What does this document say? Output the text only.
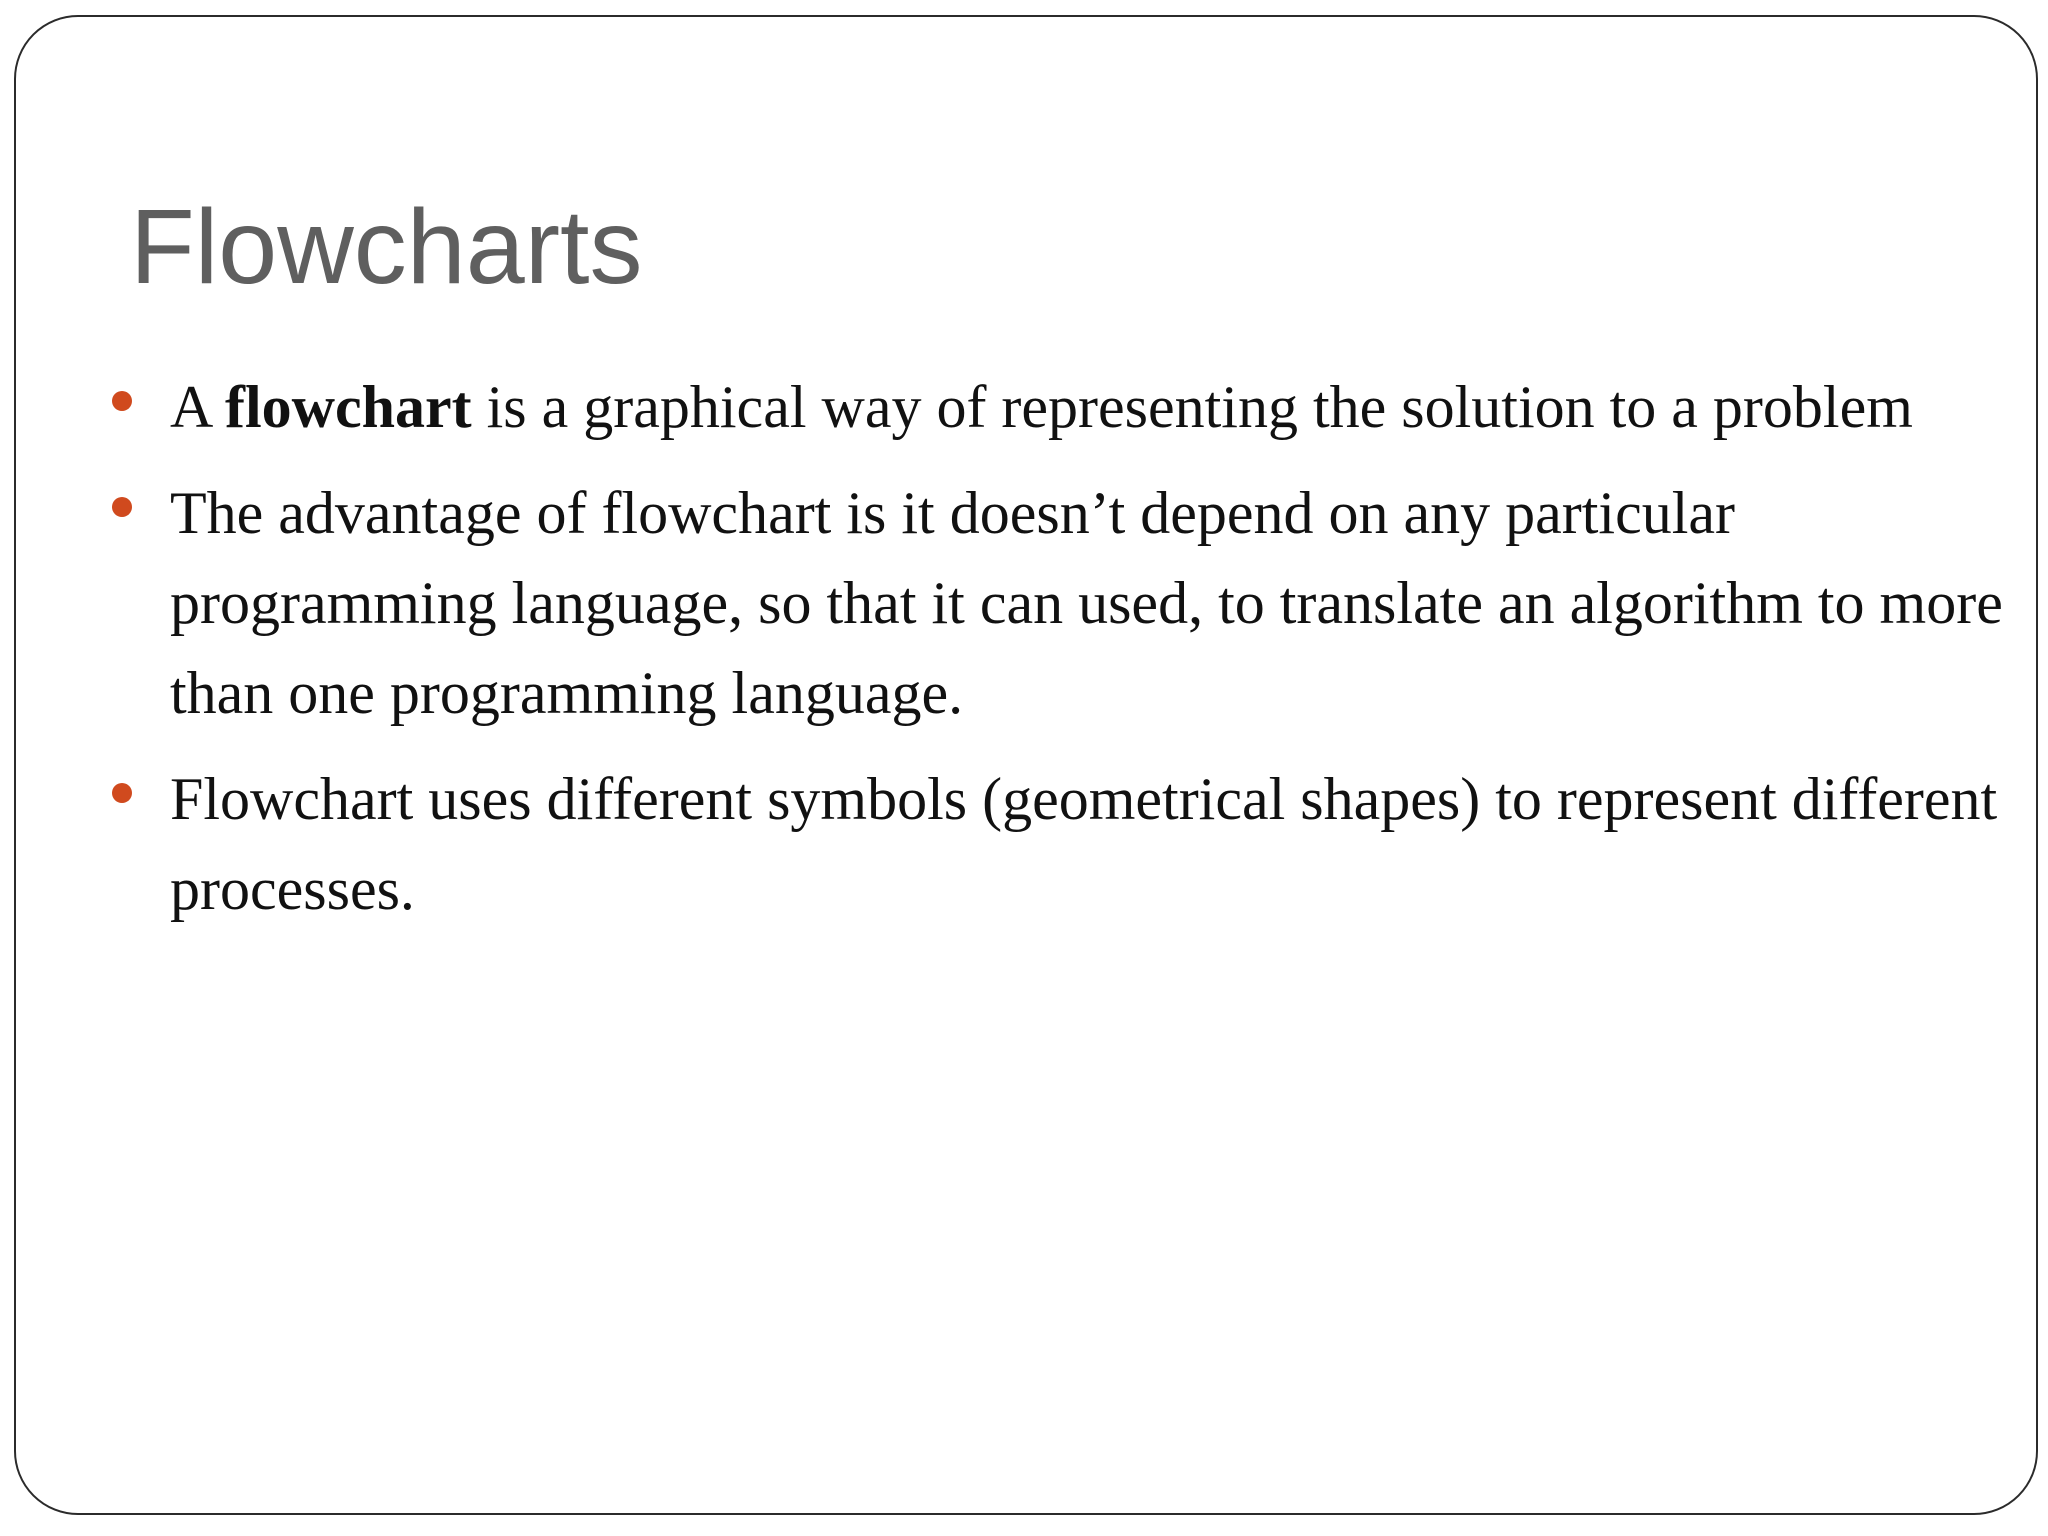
Flowcharts
A flowchart is a graphical way of representing the solution to a problem
The advantage of flowchart is it doesn’t depend on any particular programming language, so that it can used, to translate an algorithm to more than one programming language.
Flowchart uses different symbols (geometrical shapes) to represent different processes.
